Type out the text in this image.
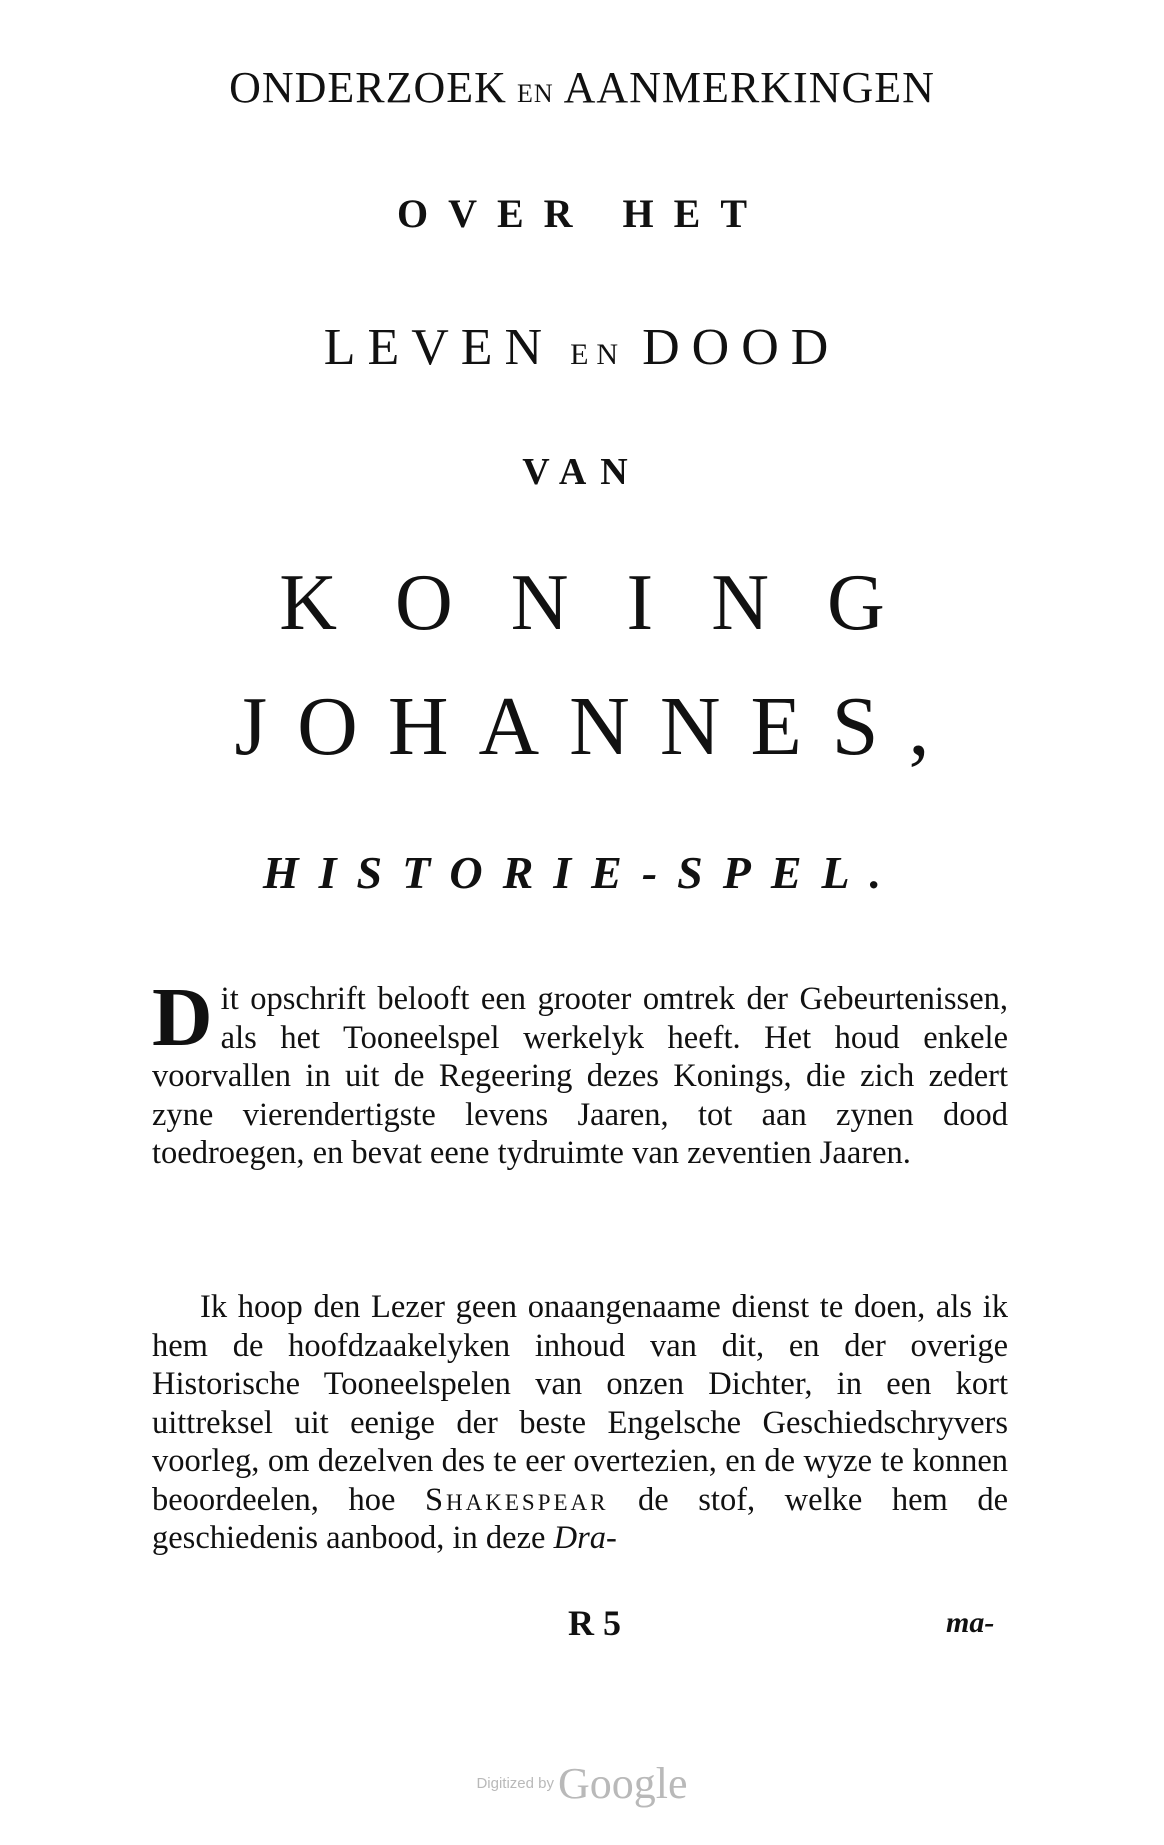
ONDERZOEK EN AANMERKINGEN
OVER HET
LEVEN EN DOOD
VAN
KONING
JOHANNES,
HISTORIE-SPEL.
Dit opschrift belooft een grooter omtrek der Gebeurtenissen, als het Tooneelspel werkelyk heeft. Het houd enkele voorvallen in uit de Regeering dezes Konings, die zich zedert zyne vierendertigste levens Jaaren, tot aan zynen dood toedroegen, en bevat eene tydruimte van zeventien Jaaren.
Ik hoop den Lezer geen onaangenaame dienst te doen, als ik hem de hoofdzaakelyken inhoud van dit, en der overige Historische Tooneelspelen van onzen Dichter, in een kort uittreksel uit eenige der beste Engelsche Geschiedschryvers voorleg, om dezelven des te eer overtezien, en de wyze te konnen beoordeelen, hoe Shakespear de stof, welke hem de geschiedenis aanbood, in deze Dra-
R 5	ma-
Digitized byGoogle
